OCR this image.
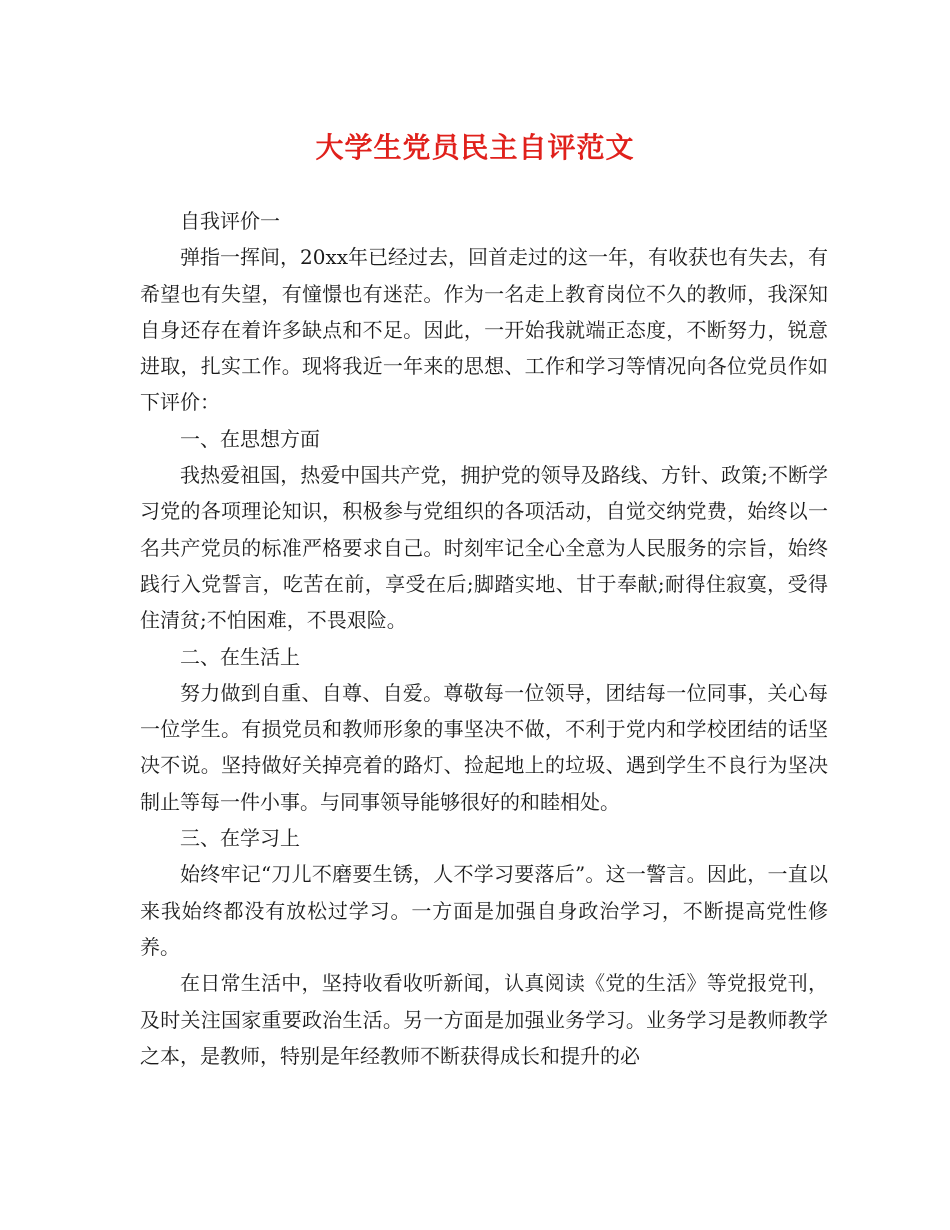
大学生党员民主自评范文

自我评价一

弹指一挥间，20xx年已经过去，回首走过的这一年，有收获也有失去，有希望也有失望，有憧憬也有迷茫。作为一名走上教育岗位不久的教师，我深知自身还存在着许多缺点和不足。因此，一开始我就端正态度，不断努力，锐意进取，扎实工作。现将我近一年来的思想、工作和学习等情况向各位党员作如下评价：

一、在思想方面

我热爱祖国，热爱中国共产党，拥护党的领导及路线、方针、政策;不断学习党的各项理论知识，积极参与党组织的各项活动，自觉交纳党费，始终以一名共产党员的标准严格要求自己。时刻牢记全心全意为人民服务的宗旨，始终践行入党誓言，吃苦在前，享受在后;脚踏实地、甘于奉献;耐得住寂寞，受得住清贫;不怕困难，不畏艰险。

二、在生活上

努力做到自重、自尊、自爱。尊敬每一位领导，团结每一位同事，关心每一位学生。有损党员和教师形象的事坚决不做，不利于党内和学校团结的话坚决不说。坚持做好关掉亮着的路灯、捡起地上的垃圾、遇到学生不良行为坚决制止等每一件小事。与同事领导能够很好的和睦相处。

三、在学习上

始终牢记“刀儿不磨要生锈，人不学习要落后”。这一警言。因此，一直以来我始终都没有放松过学习。一方面是加强自身政治学习，不断提高党性修养。

在日常生活中，坚持收看收听新闻，认真阅读《党的生活》等党报党刊，及时关注国家重要政治生活。另一方面是加强业务学习。业务学习是教师教学之本，是教师，特别是年经教师不断获得成长和提升的必
